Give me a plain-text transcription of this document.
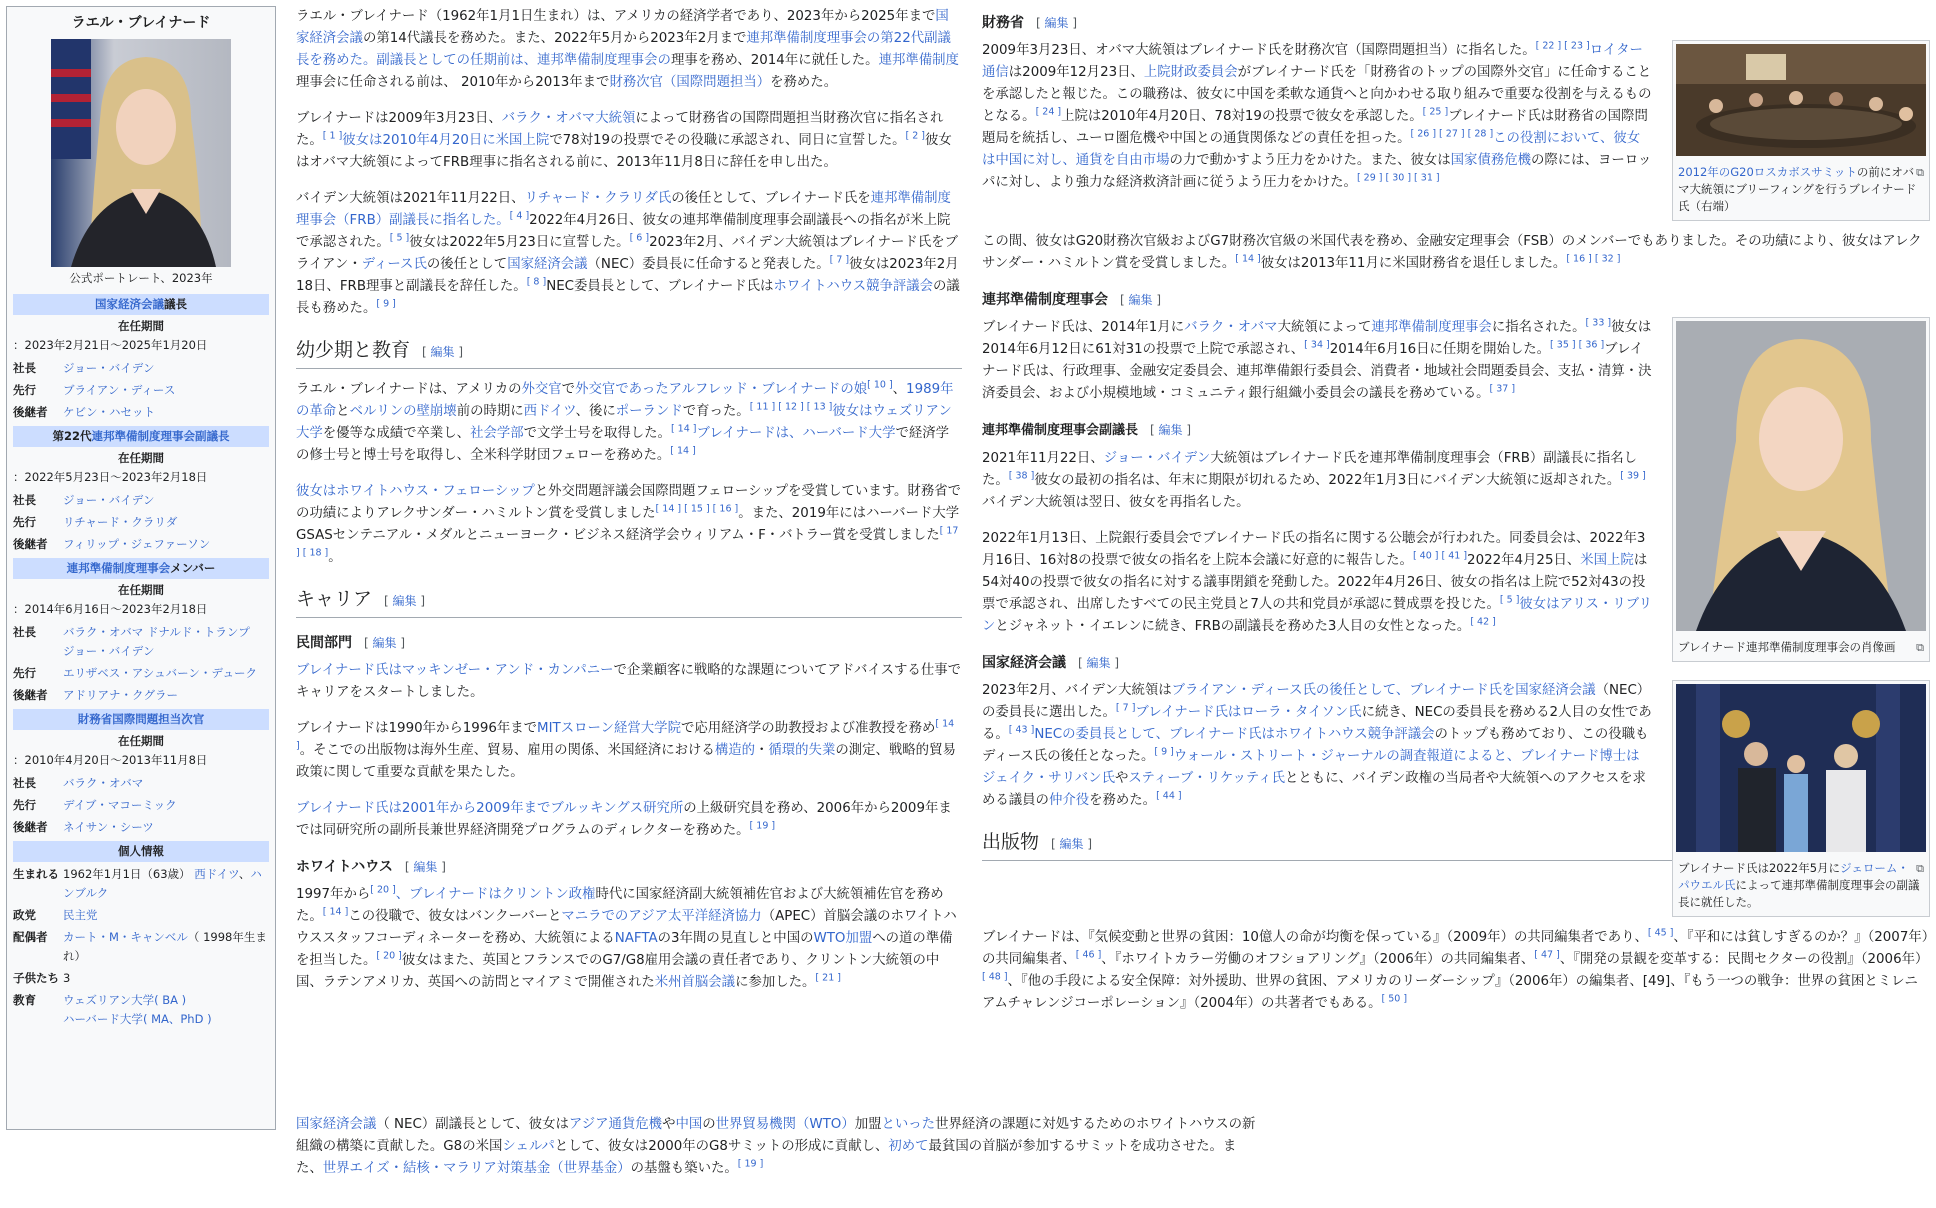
ラエル・ブレイナード
公式ポートレート、2023年
国家経済会議議長
在任期間
：2023年2月21日〜2025年1月20日
社長	ジョー・バイデン
先行	ブライアン・ディース
後継者	ケビン・ハセット
第22代連邦準備制度理事会副議長
在任期間
：2022年5月23日〜2023年2月18日
社長	ジョー・バイデン
先行	リチャード・クラリダ
後継者	フィリップ・ジェファーソン
連邦準備制度理事会メンバー
在任期間
：2014年6月16日〜2023年2月18日
社長	バラク・オバマ ドナルド・トランプ
ジョー・バイデン
先行	エリザベス・アシュバーン・デューク
後継者	アドリアナ・クグラー
財務省国際問題担当次官
在任期間
：2010年4月20日〜2013年11月8日
社長	バラク・オバマ
先行	デイブ・マコーミック
後継者	ネイサン・シーツ
個人情報
生まれる 1962年1月1日（63歳） 西ドイツ、ハンブルク
政党	民主党
配偶者	カート・M・キャンベル（ 1998年生まれ）
子供たち 3
教育	ウェズリアン大学( BA )
ハーバード大学( MA、PhD )

ラエル・ブレイナード（1962年1月1日生まれ）は、アメリカの経済学者であり、2023年から2025年まで国家経済会議の第14代議長を務めた。また、2022年5月から2023年2月まで連邦準備制度理事会の第22代副議長を務めた。副議長としての任期前は、連邦準備制度理事会の理事を務め、2014年に就任した。連邦準備制度理事会に任命される前は、 2010年から2013年まで財務次官（国際問題担当）を務めた。

ブレイナードは2009年3月23日、バラク・オバマ大統領によって財務省の国際問題担当財務次官に指名された。[ 1 ]彼女は2010年4月20日に米国上院で78対19の投票でその役職に承認され、同日に宣誓した。[ 2 ]彼女はオバマ大統領によってFRB理事に指名される前に、2013年11月8日に辞任を申し出た。

バイデン大統領は2021年11月22日、リチャード・クラリダ氏の後任として、ブレイナード氏を連邦準備制度理事会（FRB）副議長に指名した。[ 4 ]2022年4月26日、彼女の連邦準備制度理事会副議長への指名が米上院で承認された。[ 5 ]彼女は2022年5月23日に宣誓した。[ 6 ]2023年2月、バイデン大統領はブレイナード氏をブライアン・ディース氏の後任として国家経済会議（NEC）委員長に任命すると発表した。[ 7 ]彼女は2023年2月18日、FRB理事と副議長を辞任した。[ 8 ]NEC委員長として、ブレイナード氏はホワイトハウス競争評議会の議長も務めた。[ 9 ]

幼少期と教育 [ 編集 ]

ラエル・ブレイナードは、アメリカの外交官で外交官であったアルフレッド・ブレイナードの娘[ 10 ]、1989年の革命とベルリンの壁崩壊前の時期に西ドイツ、後にポーランドで育った。[ 11 ] [ 12 ] [ 13 ]彼女はウェズリアン大学を優等な成績で卒業し、社会学部で文学士号を取得した。[ 14 ]ブレイナードは、ハーバード大学で経済学の修士号と博士号を取得し、全米科学財団フェローを務めた。[ 14 ]

彼女はホワイトハウス・フェローシップと外交問題評議会国際問題フェローシップを受賞しています。財務省での功績によりアレクサンダー・ハミルトン賞を受賞しました[ 14 ] [ 15 ] [ 16 ]。また、2019年にはハーバード大学GSASセンテニアル・メダルとニューヨーク・ビジネス経済学会ウィリアム・F・バトラー賞を受賞しました[ 17 ] [ 18 ]。

キャリア [ 編集 ]
民間部門 [ 編集 ]

ブレイナード氏はマッキンゼー・アンド・カンパニーで企業顧客に戦略的な課題についてアドバイスする仕事でキャリアをスタートしました。

ブレイナードは1990年から1996年までMITスローン経営大学院で応用経済学の助教授および准教授を務め[ 14 ]。そこでの出版物は海外生産、貿易、雇用の関係、米国経済における構造的・循環的失業の測定、戦略的貿易政策に関して重要な貢献を果たした。

ブレイナード氏は2001年から2009年までブルッキングス研究所の上級研究員を務め、2006年から2009年までは同研究所の副所長兼世界経済開発プログラムのディレクターを務めた。[ 19 ]

ホワイトハウス [ 編集 ]

1997年から[ 20 ]、ブレイナードはクリントン政権時代に国家経済副大統領補佐官および大統領補佐官を務めた。[ 14 ]この役職で、彼女はバンクーバーとマニラでのアジア太平洋経済協力（APEC）首脳会議のホワイトハウススタッフコーディネーターを務め、大統領によるNAFTAの3年間の見直しと中国のWTO加盟への道の準備を担当した。[ 20 ]彼女はまた、英国とフランスでのG7/G8雇用会議の責任者であり、クリントン大統領の中国、ラテンアメリカ、英国への訪問とマイアミで開催された米州首脳会議に参加した。[ 21 ]

国家経済会議（ NEC）副議長として、彼女はアジア通貨危機や中国の世界貿易機関（WTO）加盟といった世界経済の課題に対処するためのホワイトハウスの新組織の構築に貢献した。G8の米国シェルパとして、彼女は2000年のG8サミットの形成に貢献し、初めて最貧国の首脳が参加するサミットを成功させた。また、世界エイズ・結核・マラリア対策基金（世界基金）の基盤も築いた。[ 19 ]

財務省 [ 編集 ]
⧉
2012年のG20ロスカボスサミットの前にオバマ大統領にブリーフィングを行うブレイナード氏（右端）

2009年3月23日、オバマ大統領はブレイナード氏を財務次官（国際問題担当）に指名した。[ 22 ] [ 23 ]ロイター通信は2009年12月23日、上院財政委員会がブレイナード氏を「財務省のトップの国際外交官」に任命することを承認したと報じた。この職務は、彼女に中国を柔軟な通貨へと向かわせる取り組みで重要な役割を与えるものとなる。[ 24 ]上院は2010年4月20日、78対19の投票で彼女を承認した。[ 25 ]ブレイナード氏は財務省の国際問題局を統括し、ユーロ圏危機や中国との通貨関係などの責任を担った。[ 26 ] [ 27 ] [ 28 ]この役割において、彼女は中国に対し、通貨を自由市場の力で動かすよう圧力をかけた。また、彼女は国家債務危機の際には、ヨーロッパに対し、より強力な経済救済計画に従うよう圧力をかけた。[ 29 ] [ 30 ] [ 31 ]

この間、彼女はG20財務次官級およびG7財務次官級の米国代表を務め、金融安定理事会（FSB）のメンバーでもありました。その功績により、彼女はアレクサンダー・ハミルトン賞を受賞しました。[ 14 ]彼女は2013年11月に米国財務省を退任しました。[ 16 ] [ 32 ]

連邦準備制度理事会 [ 編集 ]
⧉
ブレイナード連邦準備制度理事会の肖像画

ブレイナード氏は、2014年1月にバラク・オバマ大統領によって連邦準備制度理事会に指名された。[ 33 ]彼女は2014年6月12日に61対31の投票で上院で承認され、[ 34 ]2014年6月16日に任期を開始した。[ 35 ] [ 36 ]ブレイナード氏は、行政理事、金融安定委員会、連邦準備銀行委員会、消費者・地域社会問題委員会、支払・清算・決済委員会、および小規模地域・コミュニティ銀行組織小委員会の議長を務めている。[ 37 ]

連邦準備制度理事会副議長 [ 編集 ]

2021年11月22日、ジョー・バイデン大統領はブレイナード氏を連邦準備制度理事会（FRB）副議長に指名した。[ 38 ]彼女の最初の指名は、年末に期限が切れるため、2022年1月3日にバイデン大統領に返却された。[ 39 ]バイデン大統領は翌日、彼女を再指名した。

2022年1月13日、上院銀行委員会でブレイナード氏の指名に関する公聴会が行われた。同委員会は、2022年3月16日、16対8の投票で彼女の指名を上院本会議に好意的に報告した。[ 40 ] [ 41 ]2022年4月25日、米国上院は54対40の投票で彼女の指名に対する議事閉鎖を発動した。2022年4月26日、彼女の指名は上院で52対43の投票で承認され、出席したすべての民主党員と7人の共和党員が承認に賛成票を投じた。[ 5 ]彼女はアリス・リブリンとジャネット・イエレンに続き、FRBの副議長を務めた3人目の女性となった。[ 42 ]

国家経済会議 [ 編集 ]
⧉
ブレイナード氏は2022年5月にジェローム・パウエル氏によって連邦準備制度理事会の副議長に就任した。

2023年2月、バイデン大統領はブライアン・ディース氏の後任として、ブレイナード氏を国家経済会議（NEC）の委員長に選出した。[ 7 ]ブレイナード氏はローラ・タイソン氏に続き、NECの委員長を務める2人目の女性である。[ 43 ]NECの委員長として、ブレイナード氏はホワイトハウス競争評議会のトップも務めており、この役職もディース氏の後任となった。[ 9 ]ウォール・ストリート・ジャーナルの調査報道によると、ブレイナード博士はジェイク・サリバン氏やスティーブ・リケッティ氏とともに、バイデン政権の当局者や大統領へのアクセスを求める議員の仲介役を務めた。[ 44 ]

出版物 [ 編集 ]

ブレイナードは、『気候変動と世界の貧困：10億人の命が均衡を保っている』（2009年）の共同編集者であり、[ 45 ]、『平和には貧しすぎるのか？』（2007年）の共同編集者、[ 46 ]、『ホワイトカラー労働のオフショアリング』（2006年）の共同編集者、[ 47 ]、『開発の景観を変革する：民間セクターの役割』（2006年）[ 48 ]、『他の手段による安全保障：対外援助、世界の貧困、アメリカのリーダーシップ』（2006年）の編集者、[49]、『もう一つの戦争：世界の貧困とミレニアムチャレンジコーポレーション』（2004年）の共著者でもある。[ 50 ]
